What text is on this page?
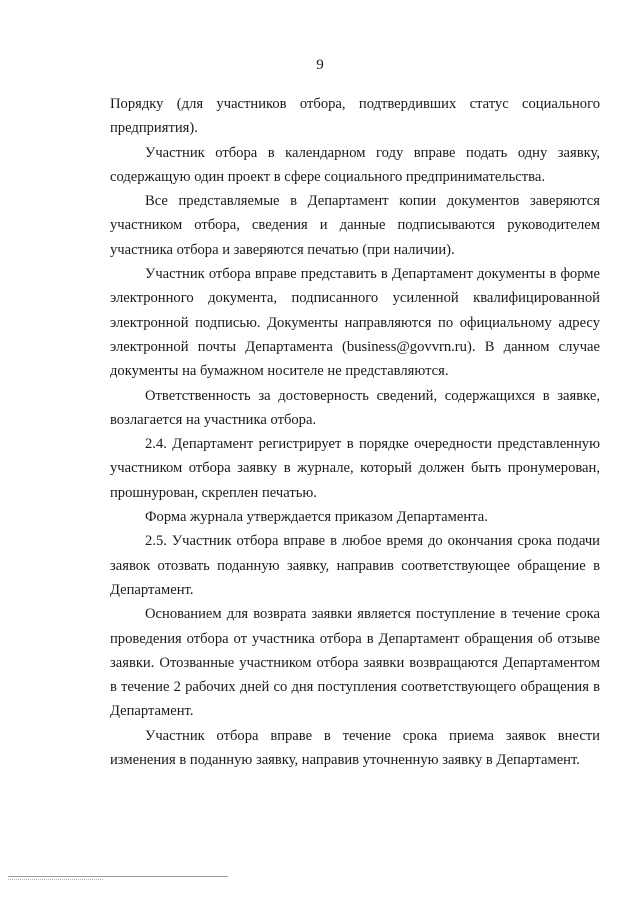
9

Порядку (для участников отбора, подтвердивших статус социального предприятия).

Участник отбора в календарном году вправе подать одну заявку, содержащую один проект в сфере социального предпринимательства.

Все представляемые в Департамент копии документов заверяются участником отбора, сведения и данные подписываются руководителем участника отбора и заверяются печатью (при наличии).

Участник отбора вправе представить в Департамент документы в форме электронного документа, подписанного усиленной квалифицированной электронной подписью. Документы направляются по официальному адресу электронной почты Департамента (business@govvrn.ru). В данном случае документы на бумажном носителе не представляются.

Ответственность за достоверность сведений, содержащихся в заявке, возлагается на участника отбора.

2.4. Департамент регистрирует в порядке очередности представленную участником отбора заявку в журнале, который должен быть пронумерован, прошнурован, скреплен печатью.

Форма журнала утверждается приказом Департамента.

2.5. Участник отбора вправе в любое время до окончания срока подачи заявок отозвать поданную заявку, направив соответствующее обращение в Департамент.

Основанием для возврата заявки является поступление в течение срока проведения отбора от участника отбора в Департамент обращения об отзыве заявки. Отозванные участником отбора заявки возвращаются Департаментом в течение 2 рабочих дней со дня поступления соответствующего обращения в Департамент.

Участник отбора вправе в течение срока приема заявок внести изменения в поданную заявку, направив уточненную заявку в Департамент.
